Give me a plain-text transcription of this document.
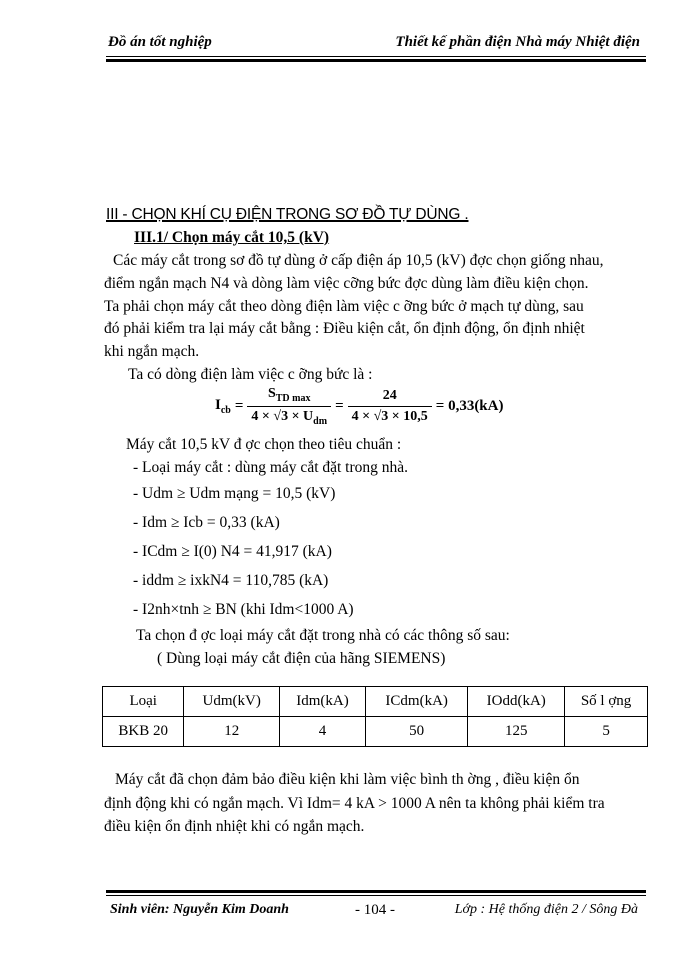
Đồ án tốt nghiệp	Thiết kế phần điện Nhà máy Nhiệt điện
III - CHỌN KHÍ CỤ ĐIỆN TRONG SƠ ĐỒ TỰ DÙNG .
III.1/ Chọn máy cắt 10,5 (kV)
Các máy cắt trong sơ đồ tự dùng ở cấp điện áp 10,5 (kV) đợc chọn giống nhau,
điểm ngắn mạch N4 và dòng làm việc cỡng bức đợc dùng làm điều kiện chọn.
Ta phải chọn máy cắt theo dòng điện làm việc c ỡng bức ở mạch tự dùng, sau
đó phải kiểm tra lại máy cắt bằng : Điều kiện cắt, ổn định động, ổn định nhiệt
khi ngắn mạch.
Ta có dòng điện làm việc c ỡng bức là :
$I_{cb} = \frac{S_{TD max}}{4 \times √3 \times U_{dm}} = \frac{24}{4 \times √3 \times 10,5} = 0,33(kA)$
Máy cắt 10,5 kV đ ợc chọn theo tiêu chuẩn :
- Loại máy cắt : dùng máy cắt đặt trong nhà.
- Udm ≥ Udm mạng = 10,5 (kV)
- Idm ≥ Icb = 0,33 (kA)
- ICdm ≥ I(0) N4 = 41,917 (kA)
- iddm ≥ ixkN4 = 110,785 (kA)
- I2nh×tnh ≥ BN (khi Idm<1000 A)
Ta chọn đ ợc loại máy cắt đặt trong nhà có các thông số sau:
( Dùng loại máy cắt điện của hãng SIEMENS)
Loại	Udm(kV)	Idm(kA)	ICdm(kA)	IOdd(kA)	Số l ợng
BKB 20	12	4	50	125	5
Máy cắt đã chọn đảm bảo điều kiện khi làm việc bình th ờng , điều kiện ổn
định động khi có ngắn mạch. Vì Idm= 4 kA > 1000 A nên ta không phải kiểm tra
điều kiện ổn định nhiệt khi có ngắn mạch.
Sinh viên: Nguyễn Kim Doanh	- 104 -	Lớp : Hệ thống điện 2 / Sông Đà
